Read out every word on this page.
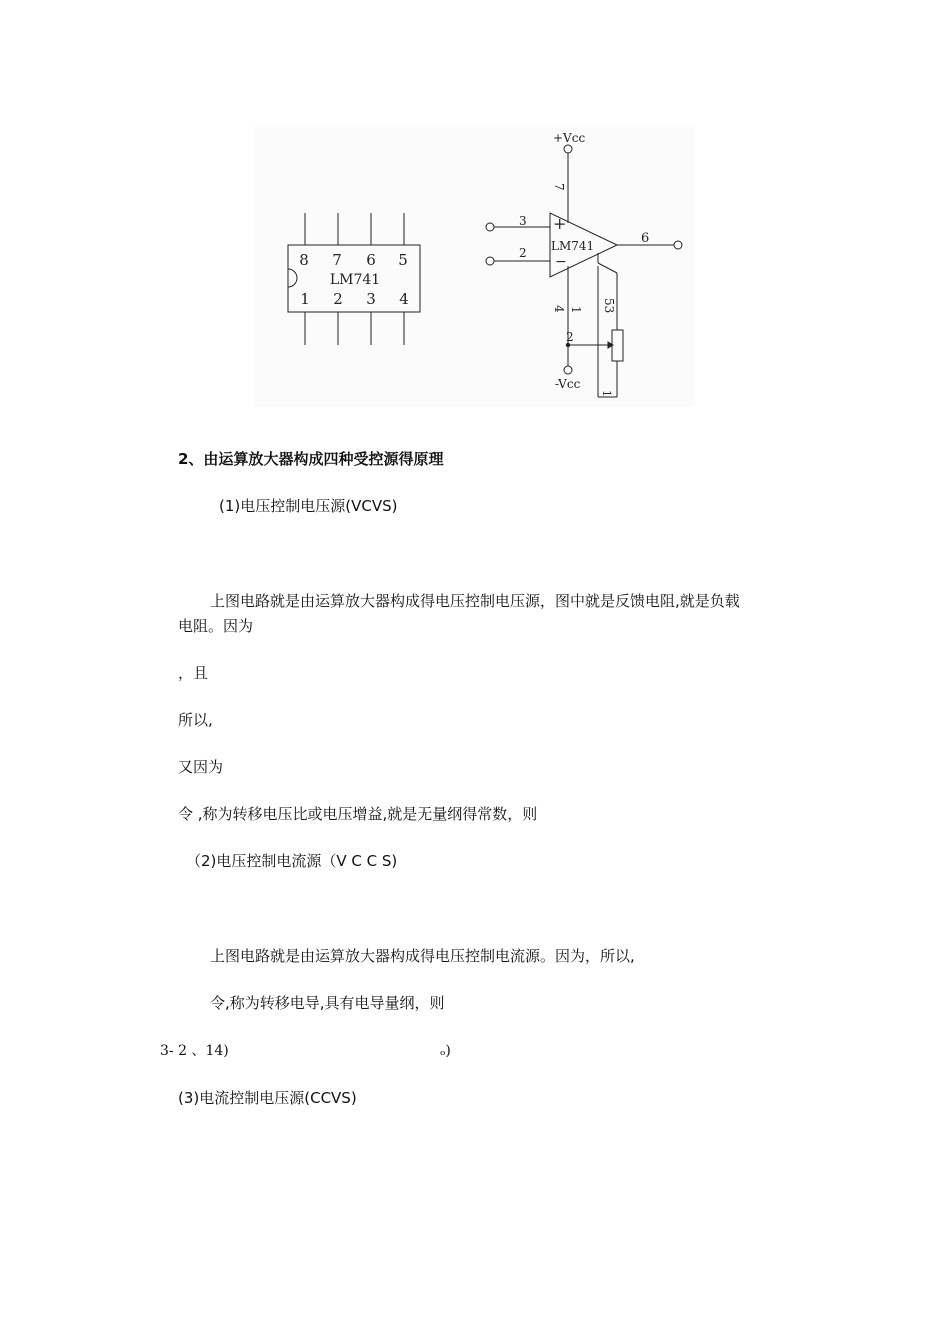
8 7 6 5
LM741
1 2 3 4
+
−
LM741
+Vcc
-Vcc
3
2
6
2
7
4 1 53
1
2、由运算放大器构成四种受控源得原理
(1)电压控制电压源(VCVS)
上图电路就是由运算放大器构成得电压控制电压源，图中就是反馈电阻,就是负载
电阻。因为
，且
所以,
又因为
令 ,称为转移电压比或电压增益,就是无量纲得常数，则
（2)电压控制电流源（V C C S)
上图电路就是由运算放大器构成得电压控制电流源。因为，所以,
令,称为转移电导,具有电导量纲，则
3- 2 、14)	ₒ)
(3)电流控制电压源(CCVS)
